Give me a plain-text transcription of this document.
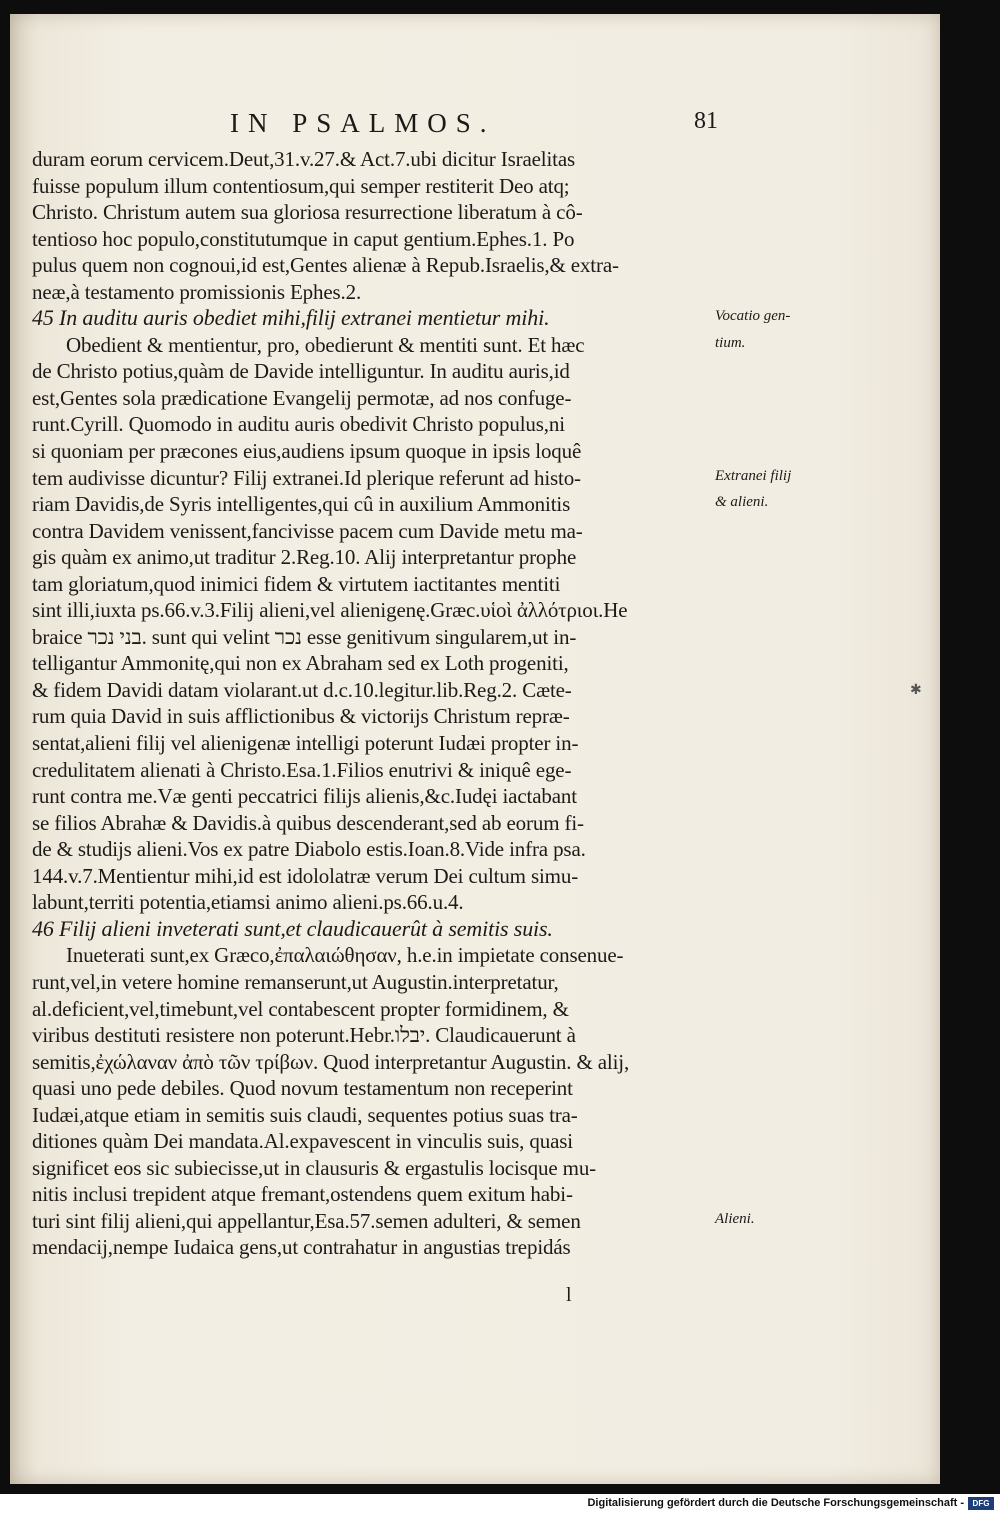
IN PSALMOS.	81
duram eorum cervicem.Deut,31.v.27.& Act.7.ubi dicitur Israelitas
fuisse populum illum contentiosum,qui semper restiterit Deo atq;
Christo. Christum autem sua gloriosa resurrectione liberatum à cô-
tentioso hoc populo,constitutumque in caput gentium.Ephes.1. Po
pulus quem non cognoui,id est,Gentes alienæ à Repub.Israelis,& extra-
neæ,à testamento promissionis Ephes.2.
45 In auditu auris obediet mihi,filij extranei mentietur mihi.
Obedient & mentientur, pro, obedierunt & mentiti sunt. Et hæc
de Christo potius,quàm de Davide intelliguntur. In auditu auris,id
est,Gentes sola prædicatione Evangelij permotæ, ad nos confuge-
runt.Cyrill. Quomodo in auditu auris obedivit Christo populus,ni
si quoniam per præcones eius,audiens ipsum quoque in ipsis loquê
tem audivisse dicuntur? Filij extranei.Id plerique referunt ad histo-
riam Davidis,de Syris intelligentes,qui cû in auxilium Ammonitis
contra Davidem venissent,fancivisse pacem cum Davide metu ma-
gis quàm ex animo,ut traditur 2.Reg.10. Alij interpretantur prophe
tam gloriatum,quod inimici fidem & virtutem iactitantes mentiti
sint illi,iuxta ps.66.v.3.Filij alieni,vel alienigenę.Græc.υἱοὶ ἀλλότριοι.He
braice בני נכר. sunt qui velint נכר esse genitivum singularem,ut in-
telligantur Ammonitę,qui non ex Abraham sed ex Loth progeniti,
& fidem Davidi datam violarant.ut d.c.10.legitur.lib.Reg.2. Cæte-
rum quia David in suis afflictionibus & victorijs Christum repræ-
sentat,alieni filij vel alienigenæ intelligi poterunt Iudæi propter in-
credulitatem alienati à Christo.Esa.1.Filios enutrivi & iniquê ege-
runt contra me.Væ genti peccatrici filijs alienis,&c.Iudęi iactabant
se filios Abrahæ & Davidis.à quibus descenderant,sed ab eorum fi-
de & studijs alieni.Vos ex patre Diabolo estis.Ioan.8.Vide infra psa.
144.v.7.Mentientur mihi,id est idololatræ verum Dei cultum simu-
labunt,territi potentia,etiamsi animo alieni.ps.66.u.4.
46 Filij alieni inveterati sunt,et claudicauerût à semitis suis.
Inueterati sunt,ex Græco,ἐπαλαιώθησαν, h.e.in impietate consenue-
runt,vel,in vetere homine remanserunt,ut Augustin.interpretatur,
al.deficient,vel,timebunt,vel contabescent propter formidinem, &
viribus destituti resistere non poterunt.Hebr.יבלו. Claudicauerunt à
semitis,ἐχώλαναν ἀπὸ τῶν τρίβων. Quod interpretantur Augustin. & alij,
quasi uno pede debiles. Quod novum testamentum non receperint
Iudæi,atque etiam in semitis suis claudi, sequentes potius suas tra-
ditiones quàm Dei mandata.Al.expavescent in vinculis suis, quasi
significet eos sic subiecisse,ut in clausuris & ergastulis locisque mu-
nitis inclusi trepident atque fremant,ostendens quem exitum habi-
turi sint filij alieni,qui appellantur,Esa.57.semen adulteri, & semen
mendacij,nempe Iudaica gens,ut contrahatur in angustias trepidás
Vocatio gen-
tium.
Extranei filij
& alieni.
Alieni.
✱
l
Digitalisierung gefördert durch die Deutsche Forschungsgemeinschaft -	DFG
